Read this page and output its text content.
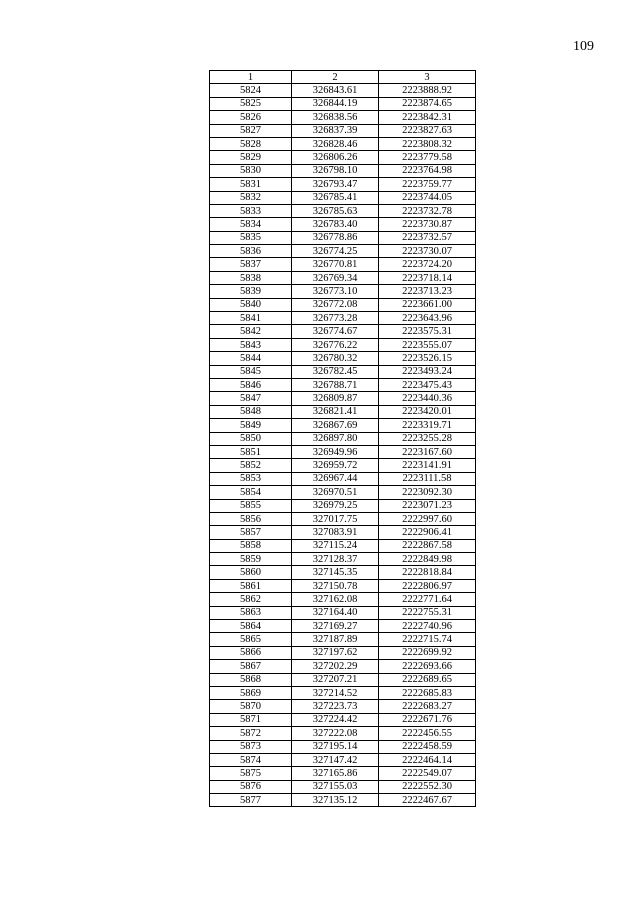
109
1	2	3
5824	326843.61	2223888.92
5825	326844.19	2223874.65
5826	326838.56	2223842.31
5827	326837.39	2223827.63
5828	326828.46	2223808.32
5829	326806.26	2223779.58
5830	326798.10	2223764.98
5831	326793.47	2223759.77
5832	326785.41	2223744.05
5833	326785.63	2223732.78
5834	326783.40	2223730.87
5835	326778.86	2223732.57
5836	326774.25	2223730.07
5837	326770.81	2223724.20
5838	326769.34	2223718.14
5839	326773.10	2223713.23
5840	326772.08	2223661.00
5841	326773.28	2223643.96
5842	326774.67	2223575.31
5843	326776.22	2223555.07
5844	326780.32	2223526.15
5845	326782.45	2223493.24
5846	326788.71	2223475.43
5847	326809.87	2223440.36
5848	326821.41	2223420.01
5849	326867.69	2223319.71
5850	326897.80	2223255.28
5851	326949.96	2223167.60
5852	326959.72	2223141.91
5853	326967.44	2223111.58
5854	326970.51	2223092.30
5855	326979.25	2223071.23
5856	327017.75	2222997.60
5857	327083.91	2222906.41
5858	327115.24	2222867.58
5859	327128.37	2222849.98
5860	327145.35	2222818.84
5861	327150.78	2222806.97
5862	327162.08	2222771.64
5863	327164.40	2222755.31
5864	327169.27	2222740.96
5865	327187.89	2222715.74
5866	327197.62	2222699.92
5867	327202.29	2222693.66
5868	327207.21	2222689.65
5869	327214.52	2222685.83
5870	327223.73	2222683.27
5871	327224.42	2222671.76
5872	327222.08	2222456.55
5873	327195.14	2222458.59
5874	327147.42	2222464.14
5875	327165.86	2222549.07
5876	327155.03	2222552.30
5877	327135.12	2222467.67
